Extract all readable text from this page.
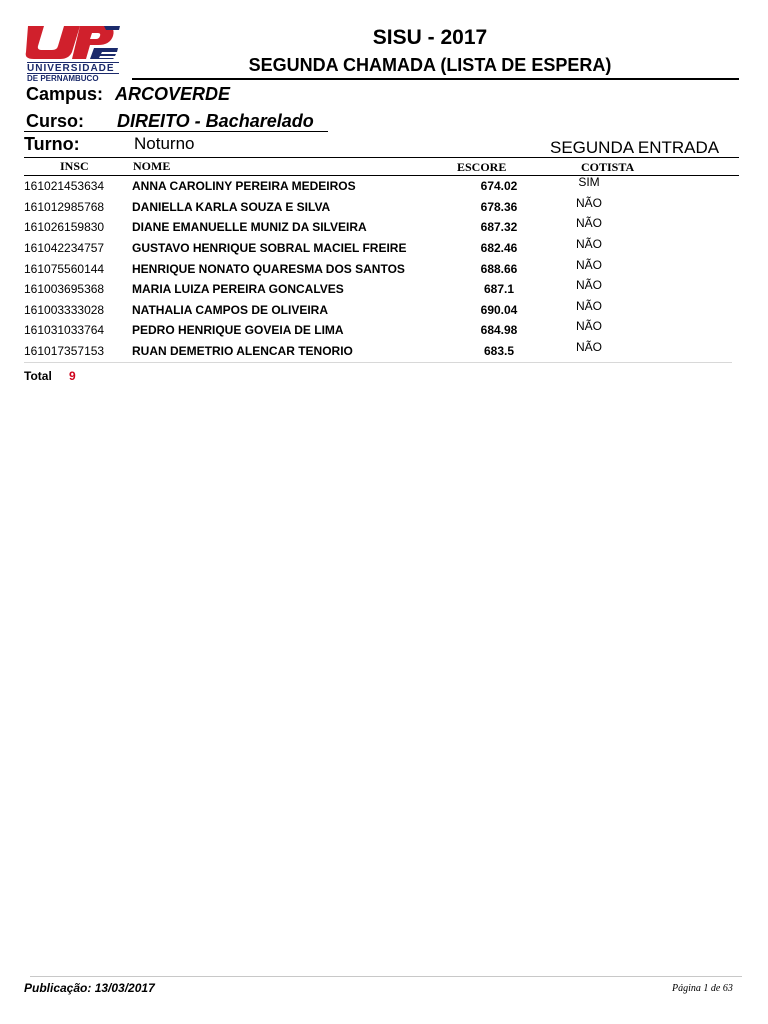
UNIVERSIDADE
DE PERNAMBUCO
SISU - 2017
SEGUNDA CHAMADA (LISTA DE ESPERA)
Campus: ARCOVERDE
Curso: DIREITO - Bacharelado
Turno:	Noturno	SEGUNDA ENTRADA
INSC	NOME	ESCORE	COTISTA
161021453634	ANNA CAROLINY PEREIRA MEDEIROS	674.02	SIM
161012985768	DANIELLA KARLA SOUZA E SILVA	678.36	NÃO
161026159830	DIANE EMANUELLE MUNIZ DA SILVEIRA	687.32	NÃO
161042234757	GUSTAVO HENRIQUE SOBRAL MACIEL FREIRE	682.46	NÃO
161075560144	HENRIQUE NONATO QUARESMA DOS SANTOS	688.66	NÃO
161003695368	MARIA LUIZA PEREIRA GONCALVES	687.1	NÃO
161003333028	NATHALIA CAMPOS DE OLIVEIRA	690.04	NÃO
161031033764	PEDRO HENRIQUE GOVEIA DE LIMA	684.98	NÃO
161017357153	RUAN DEMETRIO ALENCAR TENORIO	683.5	NÃO
Total 9
Publicação: 13/03/2017	Página 1 de 63
